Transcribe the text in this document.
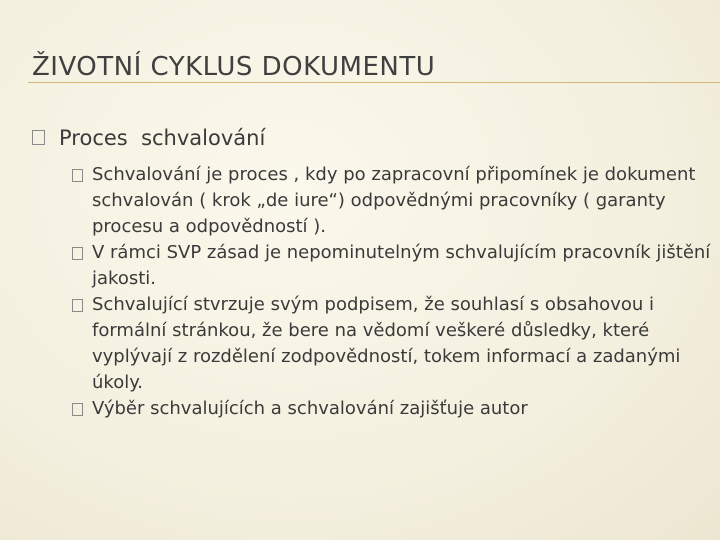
ŽIVOTNÍ CYKLUS DOKUMENTU
Proces  schvalování
Schvalování je proces , kdy po zapracovní připomínek je dokument schvalován ( krok „de iure“) odpovědnými pracovníky ( garanty procesu a odpovědností ).
V rámci SVP zásad je nepominutelným schvalujícím pracovník jištění jakosti.
Schvalující stvrzuje svým podpisem, že souhlasí s obsahovou i formální stránkou, že bere na vědomí veškeré důsledky, které vyplývají z rozdělení zodpovědností, tokem informací a zadanými úkoly.
Výběr schvalujících a schvalování zajišťuje autor
